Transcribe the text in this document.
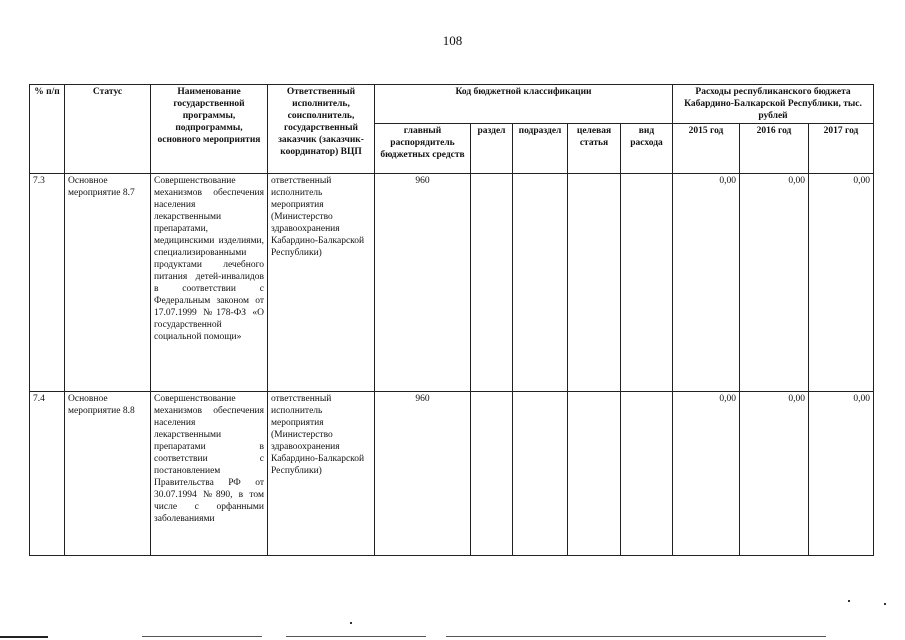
108
% п/п	Статус	Наименование государственной программы, подпрограммы, основного мероприятия	Ответственный исполнитель, соисполнитель, государственный заказчик (заказчик-координатор) ВЦП	Код бюджетной классификации					Расходы республиканского бюджета Кабардино-Балкарской Республики, тыс. рублей		
				главный распорядитель бюджетных средств	раздел	подраздел	целевая статья	вид расхода	2015 год	2016 год	2017 год
7.3	Основное мероприятие 8.7	Совершенствование механизмов обеспечения населения лекарственными препаратами, медицинскими изделиями, специализированными продуктами лечебного питания детей-инвалидов в соответствии с Федеральным законом от 17.07.1999 №178-ФЗ «О государственной социальной помощи»	ответственный исполнитель мероприятия (Министерство здравоохранения Кабардино-Балкарской Республики)	960					0,00	0,00	0,00
7.4	Основное мероприятие 8.8	Совершенствование механизмов обеспечения населения лекарственными препаратами в соответствии с постановлением Правительства РФ от 30.07.1994 №890, в том числе с орфанными заболеваниями	ответственный исполнитель мероприятия (Министерство здравоохранения Кабардино-Балкарской Республики)	960					0,00	0,00	0,00
